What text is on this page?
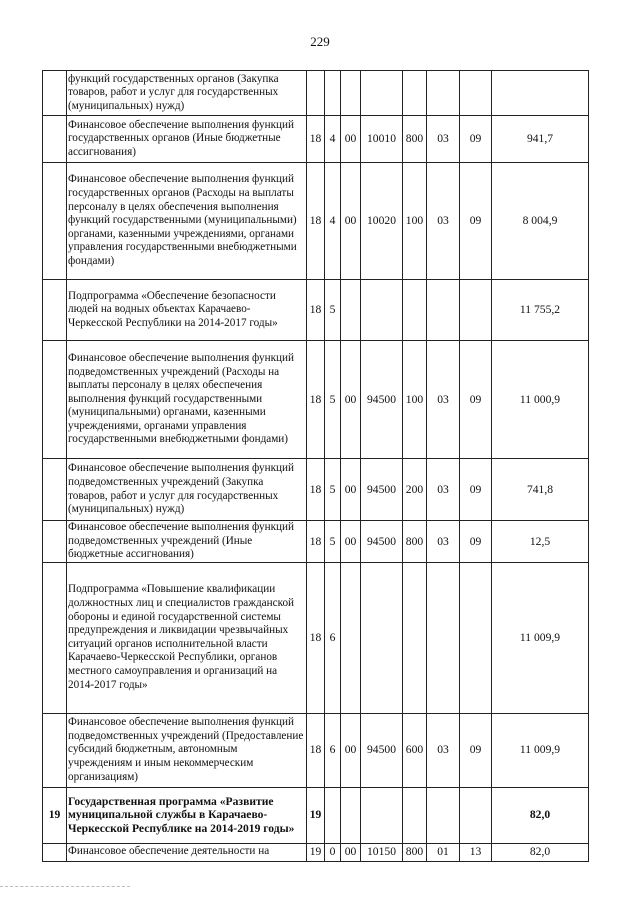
229
	функций государственных органов (Закупка товаров, работ и услуг для государственных (муниципальных) нужд)								
	Финансовое обеспечение выполнения функций государственных органов (Иные бюджетные ассигнования)	18	4	00	10010	800	03	09	941,7
	Финансовое обеспечение выполнения функций государственных органов (Расходы на выплаты персоналу в целях обеспечения выполнения функций государственными (муниципальными) органами, казенными учреждениями, органами управления государственными внебюджетными фондами)	18	4	00	10020	100	03	09	8 004,9
	Подпрограмма «Обеспечение безопасности людей на водных объектах Карачаево-Черкесской Республики на 2014-2017 годы»	18	5						11 755,2
	Финансовое обеспечение выполнения функций подведомственных учреждений (Расходы на выплаты персоналу в целях обеспечения выполнения функций государственными (муниципальными) органами, казенными учреждениями, органами управления государственными внебюджетными фондами)	18	5	00	94500	100	03	09	11 000,9
	Финансовое обеспечение выполнения функций подведомственных учреждений (Закупка товаров, работ и услуг для государственных (муниципальных) нужд)	18	5	00	94500	200	03	09	741,8
	Финансовое обеспечение выполнения функций подведомственных учреждений (Иные бюджетные ассигнования)	18	5	00	94500	800	03	09	12,5
	Подпрограмма «Повышение квалификации должностных лиц и специалистов гражданской обороны и единой государственной системы предупреждения и ликвидации чрезвычайных ситуаций органов исполнительной власти Карачаево-Черкесской Республики, органов местного самоуправления и организаций на 2014-2017 годы»	18	6						11 009,9
	Финансовое обеспечение выполнения функций подведомственных учреждений (Предоставление субсидий бюджетным, автономным учреждениям и иным некоммерческим организациям)	18	6	00	94500	600	03	09	11 009,9
19	Государственная программа «Развитие муниципальной службы в Карачаево-Черкесской Республике на 2014-2019 годы»	19							82,0
	Финансовое обеспечение деятельности на	19	0	00	10150	800	01	13	82,0
